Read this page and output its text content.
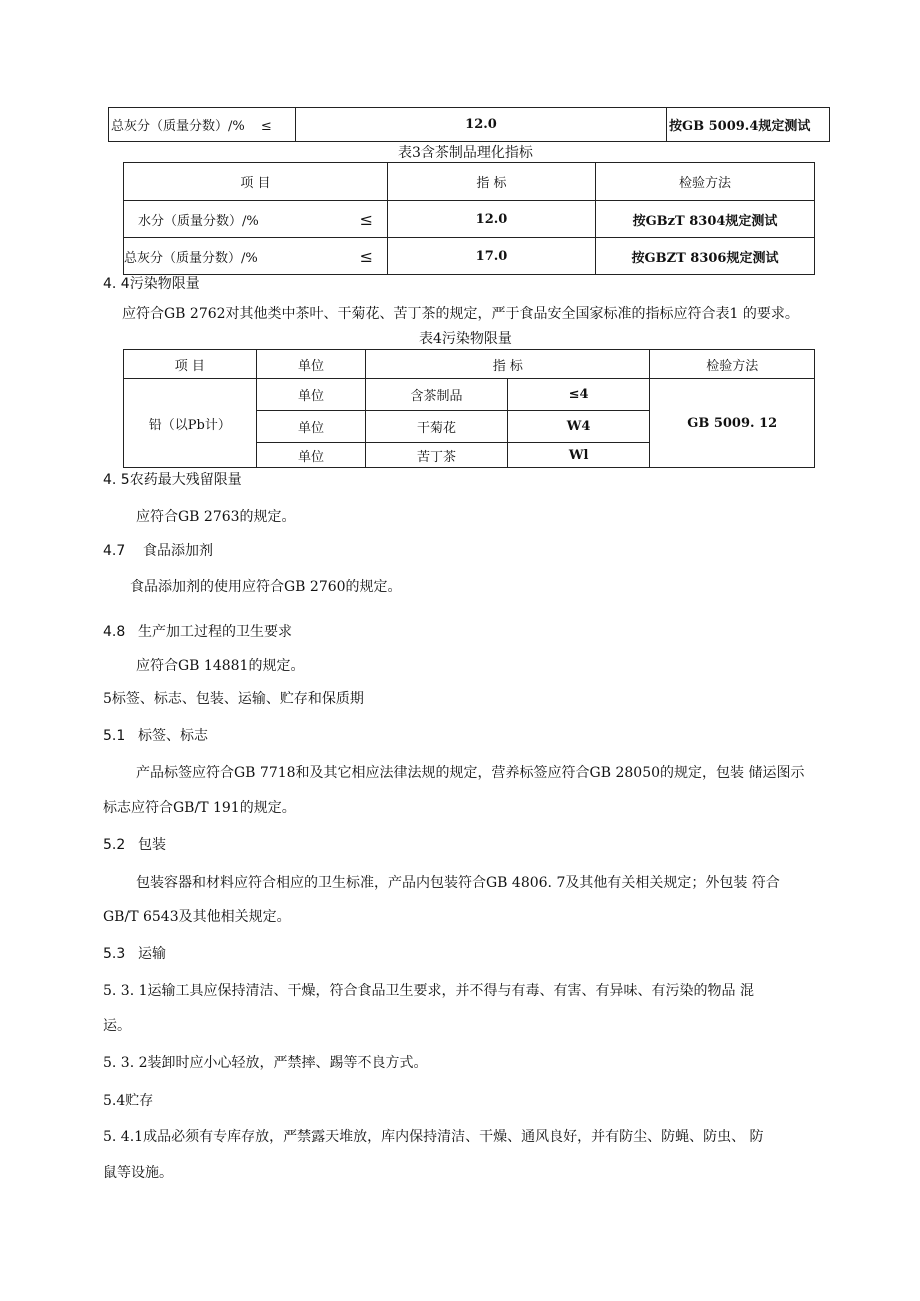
总灰分（质量分数）/% ≤	12.0	按GB 5009.4规定测试
表3含茶制品理化指标
项 目	指 标	检验方法
水分（质量分数）/% ≤	12.0	按GBzT 8304规定测试
总灰分（质量分数）/% ≤	17.0	按GBZT 8306规定测试
4. 4污染物限量
应符合GB 2762对其他类中茶叶、干菊花、苦丁茶的规定，严于食品安全国家标准的指标应符合表1 的要求。
表4污染物限量
项 目	单位	指 标		检验方法
铅（以Pb计）	单位	含茶制品	≤4	GB 5009. 12
	单位	干菊花	W4	
	单位	苦丁茶	Wl	
4. 5农药最大残留限量
应符合GB 2763的规定。
4.7 食品添加剂
食品添加剂的使用应符合GB 2760的规定。
4.8 生产加工过程的卫生要求
应符合GB 14881的规定。
5标签、标志、包装、运输、贮存和保质期
5.1 标签、标志
产品标签应符合GB 7718和及其它相应法律法规的规定，营养标签应符合GB 28050的规定，包装 储运图示
标志应符合GB/T 191的规定。
5.2 包装
包装容器和材料应符合相应的卫生标准，产品内包装符合GB 4806. 7及其他有关相关规定；外包装 符合
GB/T 6543及其他相关规定。
5.3 运输
5. 3. 1运输工具应保持清洁、干燥，符合食品卫生要求，并不得与有毒、有害、有异味、有污染的物品 混
运。
5. 3. 2装卸时应小心轻放，严禁摔、踢等不良方式。
5.4贮存
5. 4.1成品必须有专库存放，严禁露天堆放，库内保持清洁、干燥、通风良好，并有防尘、防蝇、防虫、 防
鼠等设施。
